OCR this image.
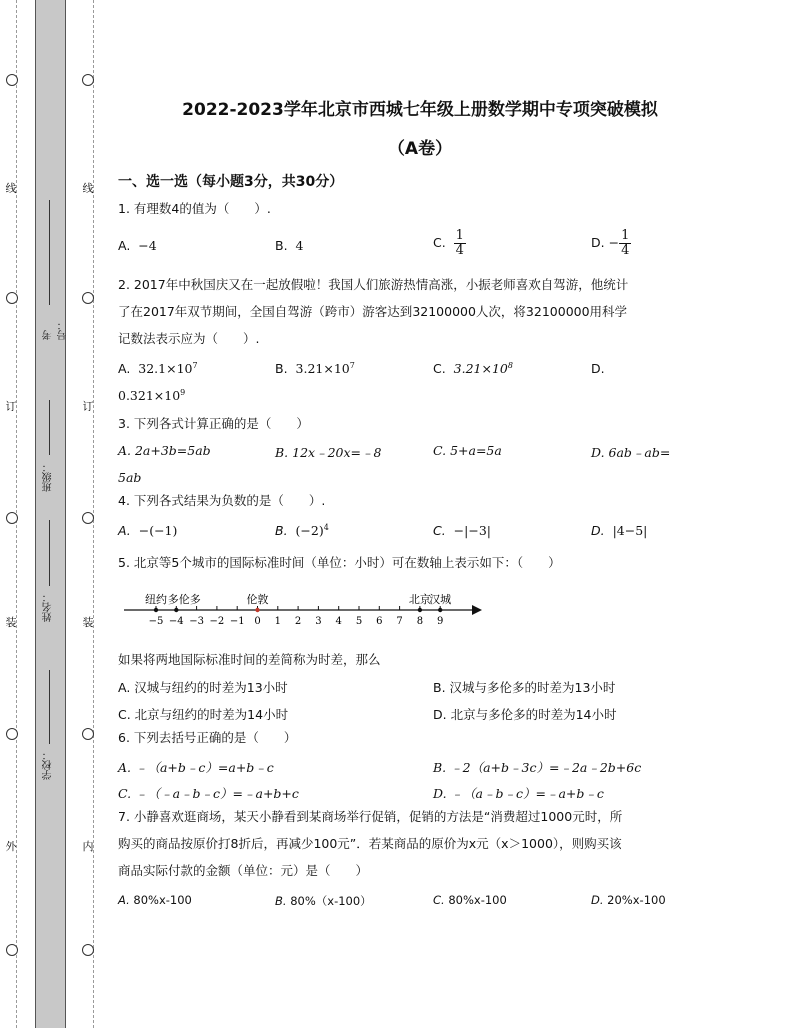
线
订
装
外
线
订
装
内
考号：
班级：
姓名：
学校：
2022-2023学年北京市西城七年级上册数学期中专项突破模拟
（A卷）
一、选一选（每小题3分，共30分）
1. 有理数4的值为（　　）.
A. −4	B. 4	C. $\frac{1}{4}$	D. − $\frac{1}{4}$
2. 2017年中秋国庆又在一起放假啦！我国人们旅游热情高涨，小振老师喜欢自驾游，他统计
了在2017年双节期间，全国自驾游（跨市）游客达到32100000人次，将32100000用科学
记数法表示应为（　　）.
A. $32.1\times 10^7$	B. $3.21\times 10^7$	C. $3.21\times 10^8$	D.
$0.321\times 10^9$
3. 下列各式计算正确的是（　　）
A. 2a+3b=5ab	B. 12x﹣20x=﹣8	C. 5+a=5a	D. 6ab﹣ab=
5ab
4. 下列各式结果为负数的是（　　）.
A. −(−1)	B. $(-2)^4$	C. −|−3|	D. |4−5|
5. 北京等5个城市的国际标准时间（单位：小时）可在数轴上表示如下：（　　）
−5 −4 −3 −2 −1 0 1 2 3 4 5 6 7 8 9
纽约 多伦多	伦敦	北京
汉城
如果将两地国际标准时间的差简称为时差，那么
A. 汉城与纽约的时差为13小时	B. 汉城与多伦多的时差为13小时
C. 北京与纽约的时差为14小时	D. 北京与多伦多的时差为14小时
6. 下列去括号正确的是（　　）
A. ﹣（a+b﹣c）=a+b﹣c	B. ﹣2（a+b﹣3c）=﹣2a﹣2b+6c
C. ﹣（﹣a﹣b﹣c）=﹣a+b+c	D. ﹣（a﹣b﹣c）=﹣a+b﹣c
7. 小静喜欢逛商场，某天小静看到某商场举行促销，促销的方法是“消费超过1000元时，所
购买的商品按原价打8折后，再减少100元”．若某商品的原价为x元（x＞1000），则购买该
商品实际付款的金额（单位：元）是（　　）
A. 80%x-100	B. 80%（x-100）	C. 80%x-100	D. 20%x-100
